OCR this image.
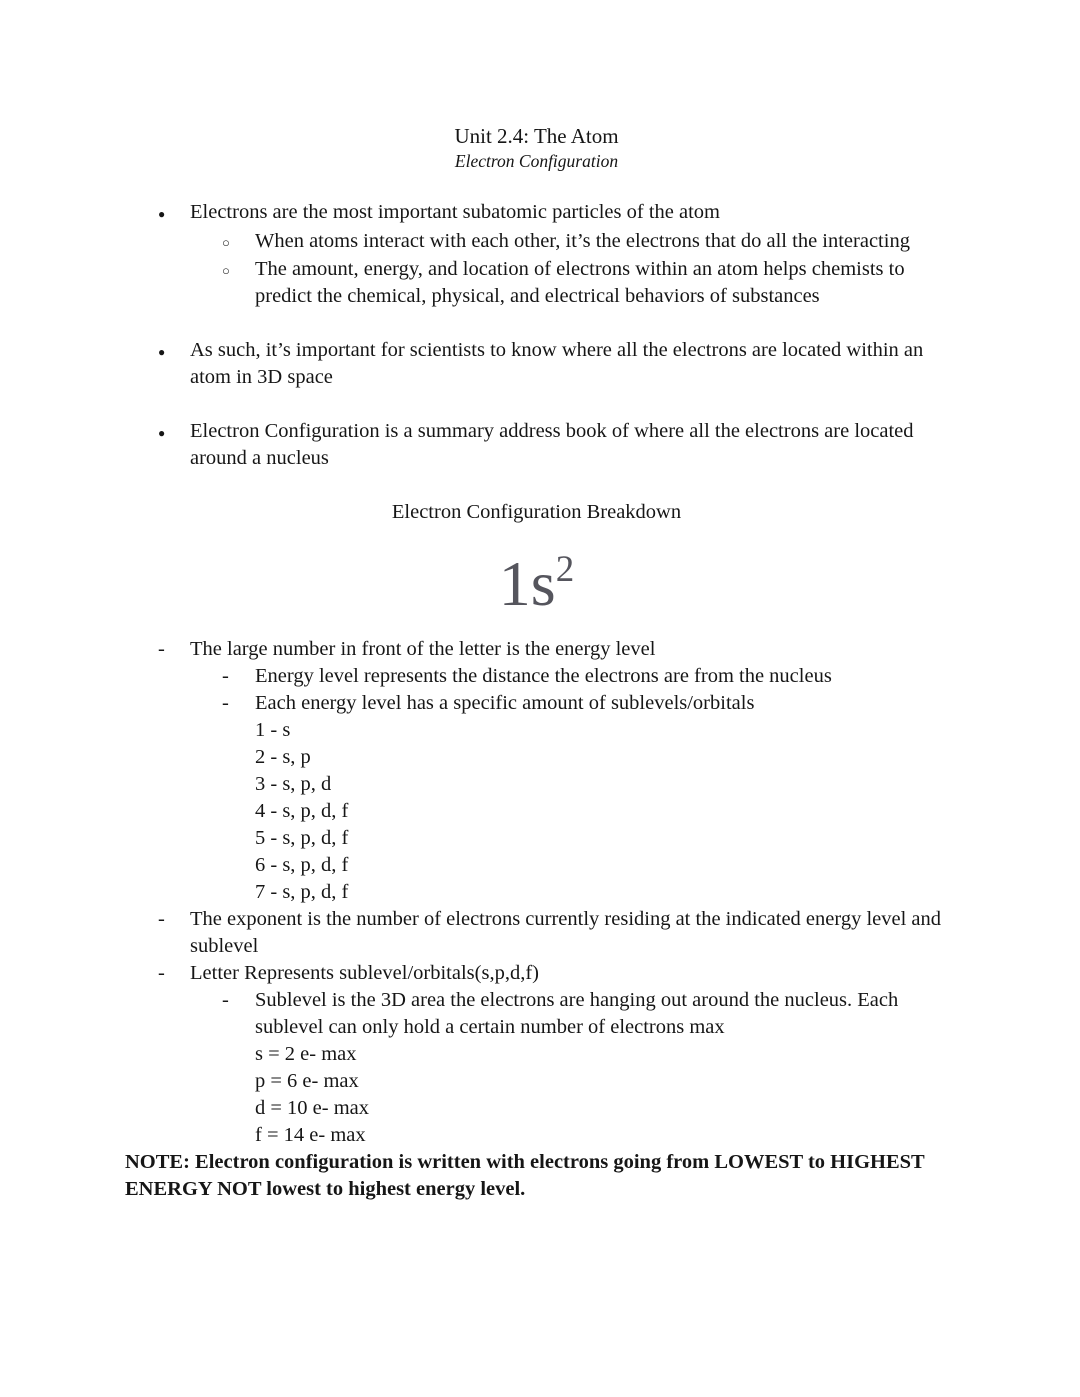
Unit 2.4: The Atom
Electron Configuration
●	Electrons are the most important subatomic particles of the atom
○	When atoms interact with each other, it’s the electrons that do all the interacting
○	The amount, energy, and location of electrons within an atom helps chemists to predict the chemical, physical, and electrical behaviors of substances
●	As such, it’s important for scientists to know where all the electrons are located within an atom in 3D space
●	Electron Configuration is a summary address book of where all the electrons are located around a nucleus
Electron Configuration Breakdown
$1s^2$
-	The large number in front of the letter is the energy level
-	Energy level represents the distance the electrons are from the nucleus
-	Each energy level has a specific amount of sublevels/orbitals
1 - s
2 - s, p
3 - s, p, d
4 - s, p, d, f
5 - s, p, d, f
6 - s, p, d, f
7 - s, p, d, f
-	The exponent is the number of electrons currently residing at the indicated energy level and sublevel
-	Letter Represents sublevel/orbitals(s,p,d,f)
-	Sublevel is the 3D area the electrons are hanging out around the nucleus. Each sublevel can only hold a certain number of electrons max
s = 2 e- max
p = 6 e- max
d = 10 e- max
f = 14 e- max
NOTE: Electron configuration is written with electrons going from LOWEST to HIGHEST ENERGY NOT lowest to highest energy level.
